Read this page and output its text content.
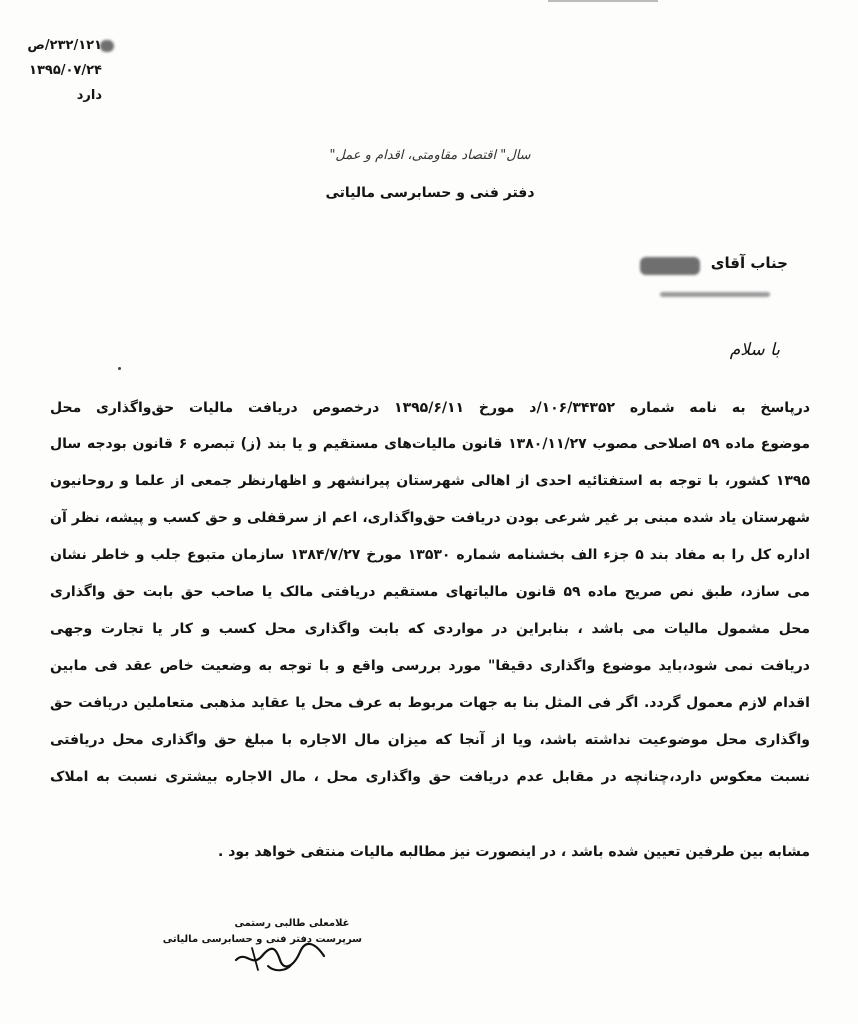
۲۳۲/۱۲۱/ص
۱۳۹۵/۰۷/۲۴
دارد
سال" اقتصاد مقاومتی، اقدام و عمل"
دفتر فنی و حسابرسی مالیاتی
جناب آقای
با سلام
درپاسخ به نامه شماره ۱۰۶/۳۴۳۵۲/د مورخ ۱۳۹۵/۶/۱۱ درخصوص دریافت مالیات حق‌واگذاری محل
موضوع ماده ۵۹ اصلاحی مصوب ۱۳۸۰/۱۱/۲۷ قانون مالیات‌های مستقیم و یا بند (ز) تبصره ۶ قانون بودجه سال
۱۳۹۵ کشور، با توجه به استفتائیه احدی از اهالی شهرستان پیرانشهر و اظهارنظر جمعی از علما و روحانیون
شهرستان یاد شده مبنی بر غیر شرعی بودن دریافت حق‌واگذاری، اعم از سرقفلی و حق کسب و پیشه، نظر آن
اداره کل را به مفاد بند ۵ جزء الف بخشنامه شماره ۱۳۵۳۰ مورخ ۱۳۸۴/۷/۲۷ سازمان متبوع جلب و خاطر نشان
می سازد، طبق نص صریح ماده ۵۹ قانون مالیاتهای مستقیم دریافتی مالک یا صاحب حق بابت حق واگذاری
محل مشمول مالیات می باشد ، بنابراین در مواردی که بابت واگذاری محل کسب و کار یا تجارت وجهی
دریافت نمی شود،باید موضوع واگذاری دقیقا" مورد بررسی واقع و با توجه به وضعیت خاص عقد فی مابین
اقدام لازم معمول گردد. اگر فی المثل بنا به جهات مربوط به عرف محل یا عقاید مذهبی متعاملین دریافت حق
واگذاری محل موضوعیت نداشته باشد، ویا از آنجا که میزان مال الاجاره با مبلغ حق واگذاری محل دریافتی
نسبت معکوس دارد،چنانچه در مقابل عدم دریافت حق واگذاری محل ، مال الاجاره بیشتری نسبت به املاک
مشابه بین طرفین تعیین شده باشد ، در اینصورت نیز مطالبه مالیات منتفی خواهد بود .
غلامعلی طالبی رستمی
سرپرست دفتر فنی و حسابرسی مالیاتی
